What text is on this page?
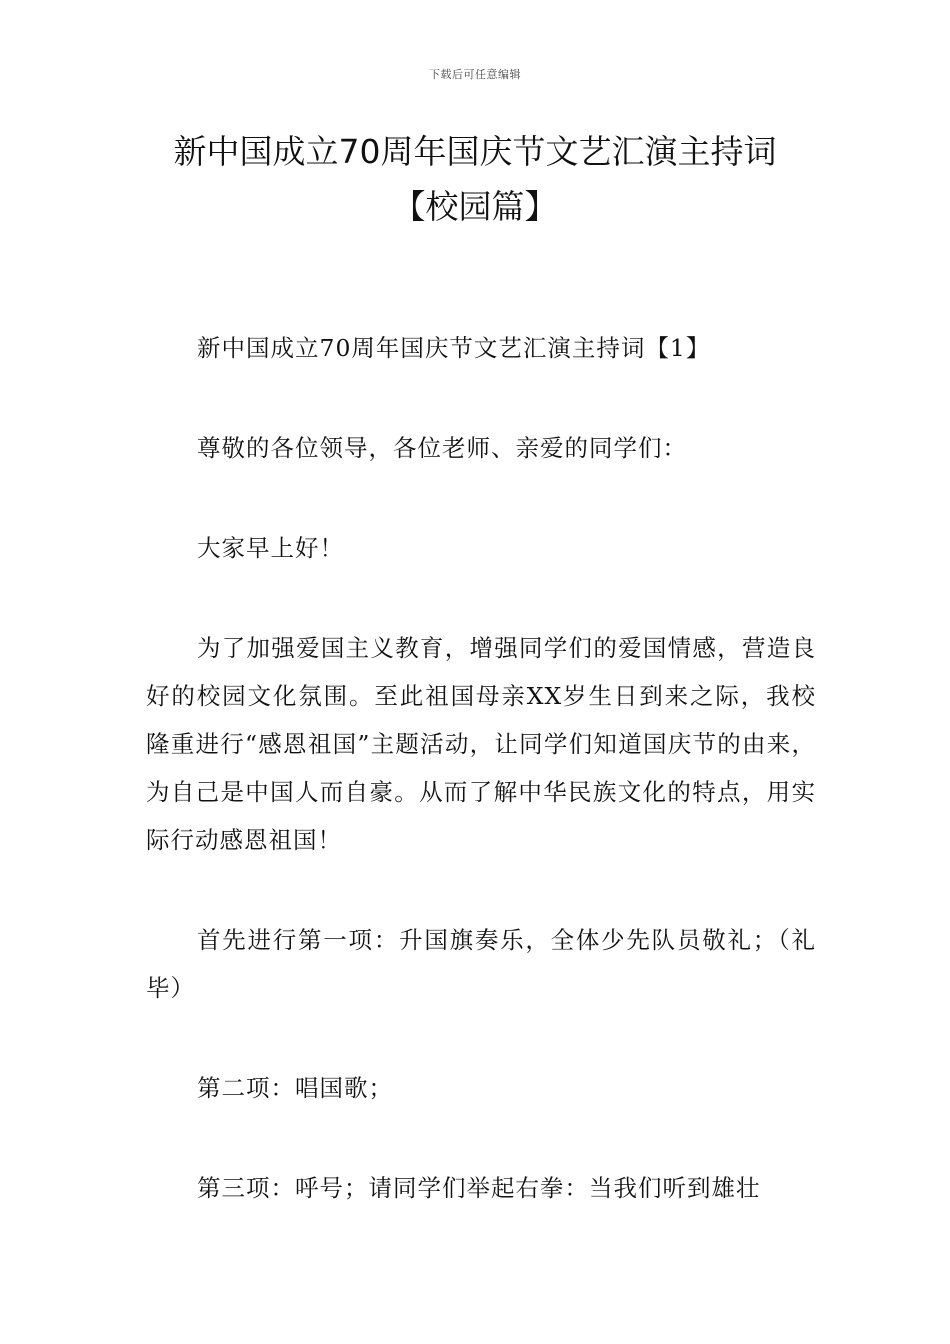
下载后可任意编辑
新中国成立70周年国庆节文艺汇演主持词
【校园篇】

新中国成立70周年国庆节文艺汇演主持词【1】

尊敬的各位领导，各位老师、亲爱的同学们：

大家早上好！

为了加强爱国主义教育，增强同学们的爱国情感，营造良好的校园文化氛围。至此祖国母亲XX岁生日到来之际，我校隆重进行“感恩祖国”主题活动，让同学们知道国庆节的由来，为自己是中国人而自豪。从而了解中华民族文化的特点，用实际行动感恩祖国！

首先进行第一项：升国旗奏乐，全体少先队员敬礼；（礼毕）

第二项：唱国歌；

第三项：呼号；请同学们举起右拳：当我们听到雄壮
